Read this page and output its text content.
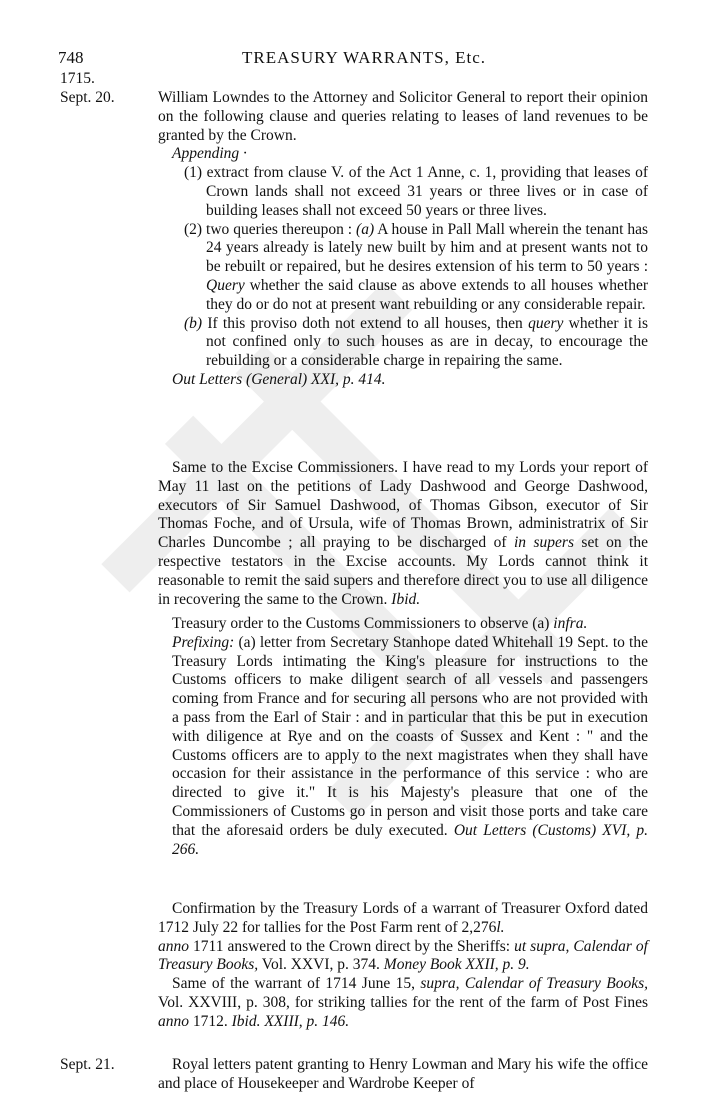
748	TREASURY WARRANTS, Etc.
1715.
Sept. 20.
Sept. 21.

William Lowndes to the Attorney and Solicitor General to report their opinion on the following clause and queries relating to leases of land revenues to be granted by the Crown.

Appending ·

(1) extract from clause V. of the Act 1 Anne, c. 1, providing that leases of Crown lands shall not exceed 31 years or three lives or in case of building leases shall not exceed 50 years or three lives.

(2) two queries thereupon : (a) A house in Pall Mall wherein the tenant has 24 years already is lately new built by him and at present wants not to be rebuilt or repaired, but he desires extension of his term to 50 years : Query whether the said clause as above extends to all houses whether they do or do not at present want rebuilding or any considerable repair.

(b) If this proviso doth not extend to all houses, then query whether it is not confined only to such houses as are in decay, to encourage the rebuilding or a considerable charge in repairing the same.

Out Letters (General) XXI, p. 414.

Same to the Excise Commissioners. I have read to my Lords your report of May 11 last on the petitions of Lady Dashwood and George Dashwood, executors of Sir Samuel Dashwood, of Thomas Gibson, executor of Sir Thomas Foche, and of Ursula, wife of Thomas Brown, administratrix of Sir Charles Duncombe ; all praying to be discharged of in supers set on the respective testators in the Excise accounts. My Lords cannot think it reasonable to remit the said supers and therefore direct you to use all diligence in recovering the same to the Crown. Ibid.

Treasury order to the Customs Commissioners to observe (a) infra.

Prefixing: (a) letter from Secretary Stanhope dated Whitehall 19 Sept. to the Treasury Lords intimating the King's pleasure for instructions to the Customs officers to make diligent search of all vessels and passengers coming from France and for securing all persons who are not provided with a pass from the Earl of Stair : and in particular that this be put in execution with diligence at Rye and on the coasts of Sussex and Kent : " and the Customs officers are to apply to the next magistrates when they shall have occasion for their assistance in the performance of this service : who are directed to give it." It is his Majesty's pleasure that one of the Commissioners of Customs go in person and visit those ports and take care that the aforesaid orders be duly executed. Out Letters (Customs) XVI, p. 266.

Confirmation by the Treasury Lords of a warrant of Treasurer Oxford dated 1712 July 22 for tallies for the Post Farm rent of 2,276l.
anno 1711 answered to the Crown direct by the Sheriffs: ut supra, Calendar of Treasury Books, Vol. XXVI, p. 374. Money Book XXII, p. 9.

Same of the warrant of 1714 June 15, supra, Calendar of Treasury Books, Vol. XXVIII, p. 308, for striking tallies for the rent of the farm of Post Fines anno 1712. Ibid. XXIII, p. 146.

Royal letters patent granting to Henry Lowman and Mary his wife the office and place of Housekeeper and Wardrobe Keeper of
